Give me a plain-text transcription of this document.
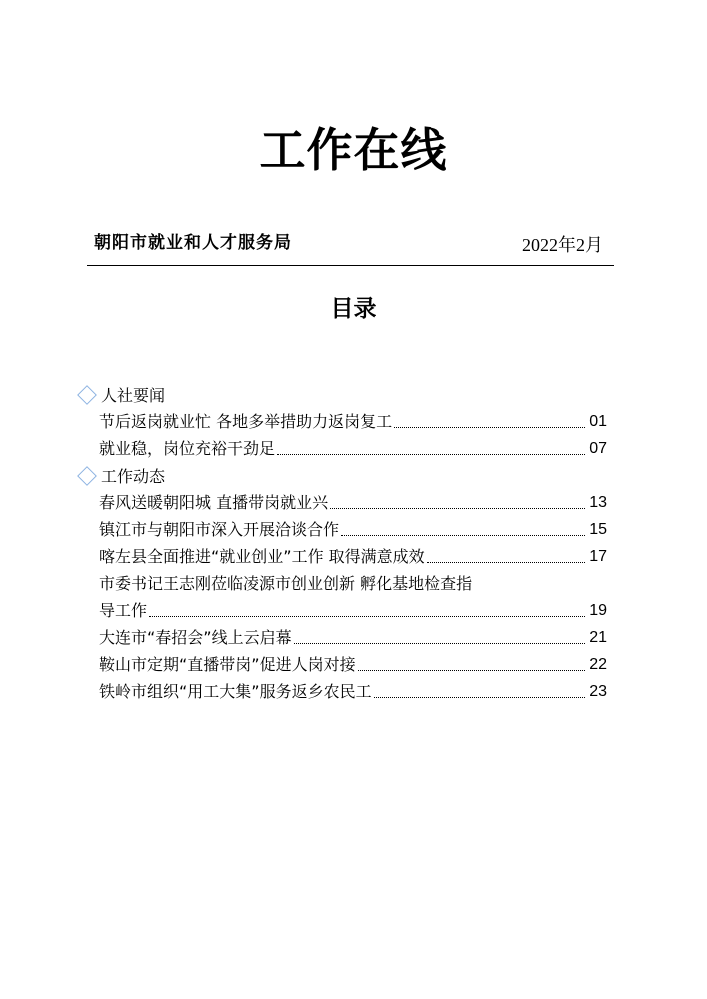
工作在线
朝阳市就业和人才服务局	2022年2月
目录
人社要闻
节后返岗就业忙 各地多举措助力返岗复工	01
就业稳，岗位充裕干劲足	07
工作动态
春风送暖朝阳城 直播带岗就业兴	13
镇江市与朝阳市深入开展洽谈合作	15
喀左县全面推进“就业创业”工作 取得满意成效	17
市委书记王志刚莅临凌源市创业创新 孵化基地检查指
导工作	19
大连市“春招会”线上云启幕	21
鞍山市定期“直播带岗”促进人岗对接	22
铁岭市组织“用工大集”服务返乡农民工	23
